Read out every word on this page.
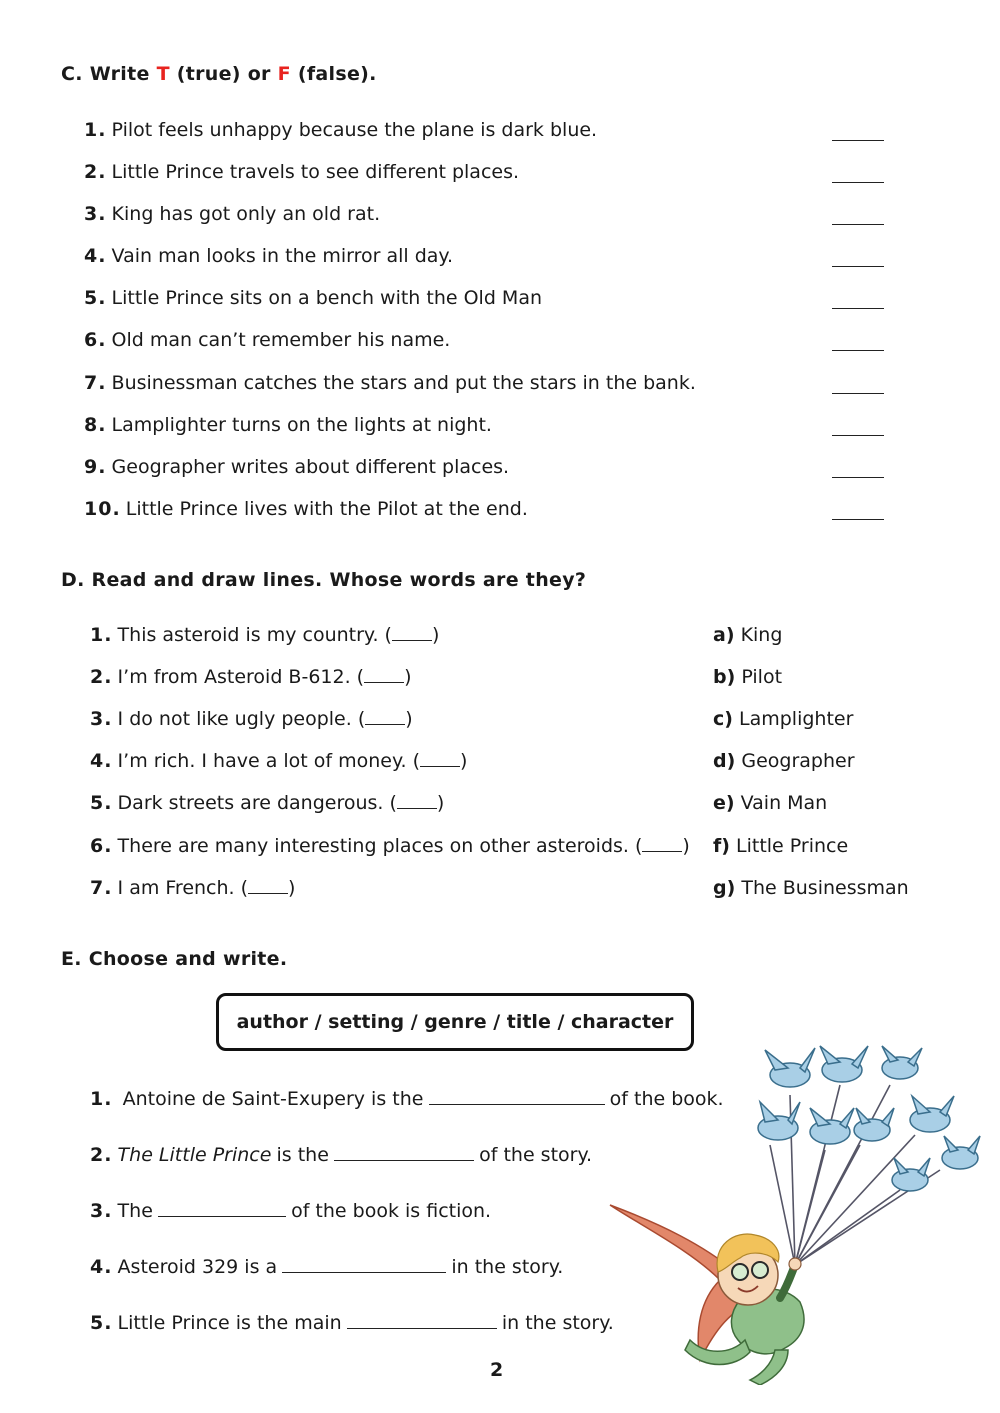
C. Write T (true) or F (false).
1. Pilot feels unhappy because the plane is dark blue.
2. Little Prince travels to see different places.
3. King has got only an old rat.
4. Vain man looks in the mirror all day.
5. Little Prince sits on a bench with the Old Man
6. Old man can’t remember his name.
7. Businessman catches the stars and put the stars in the bank.
8. Lamplighter turns on the lights at night.
9. Geographer writes about different places.
10. Little Prince lives with the Pilot at the end.
D. Read and draw lines. Whose words are they?
1. This asteroid is my country. ( )
2. I’m from Asteroid B-612. ( )
3. I do not like ugly people. ( )
4. I’m rich. I have a lot of money. ( )
5. Dark streets are dangerous. ( )
6. There are many interesting places on other asteroids. ( )
7. I am French. ( )
a) King
b) Pilot
c) Lamplighter
d) Geographer
e) Vain Man
f) Little Prince
g) The Businessman
E. Choose and write.
author / setting / genre / title / character
1. Antoine de Saint-Exupery is the	of the book.
2. The Little Prince is the	of the story.
3. The	of the book is fiction.
4. Asteroid 329 is a	in the story.
5. Little Prince is the main	in the story.
2
